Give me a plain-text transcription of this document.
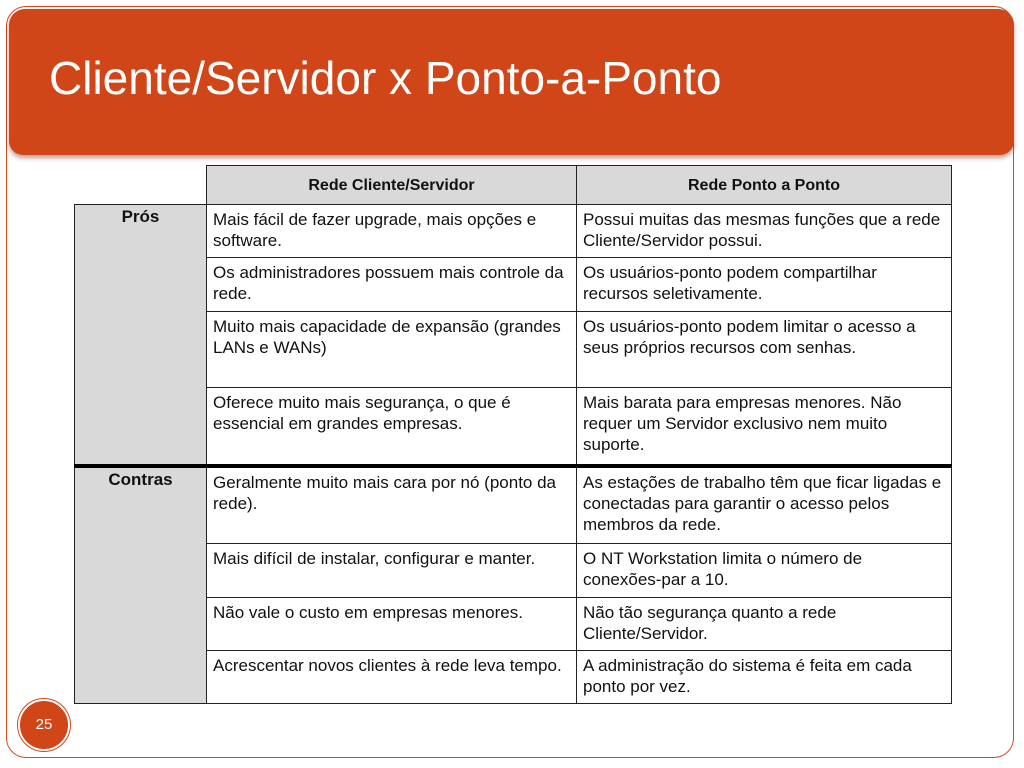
Cliente/Servidor x Ponto-a-Ponto
	Rede Cliente/Servidor	Rede Ponto a Ponto
Prós	Mais fácil de fazer upgrade, mais opções e software.	Possui muitas das mesmas funções que a rede Cliente/Servidor possui.
	Os administradores possuem mais controle da rede.	Os usuários-ponto podem compartilhar recursos seletivamente.
	Muito mais capacidade de expansão (grandes LANs e WANs)	Os usuários-ponto podem limitar o acesso a seus próprios recursos com senhas.
	Oferece muito mais segurança, o que é essencial em grandes empresas.	Mais barata para empresas menores. Não requer um Servidor exclusivo nem muito suporte.
Contras	Geralmente muito mais cara por nó (ponto da rede).	As estações de trabalho têm que ficar ligadas e conectadas para garantir o acesso pelos membros da rede.
	Mais difícil de instalar, configurar e manter.	O NT Workstation limita o número de conexões-par a 10.
	Não vale o custo em empresas menores.	Não tão segurança quanto a rede Cliente/Servidor.
	Acrescentar novos clientes à rede leva tempo.	A administração do sistema é feita em cada ponto por vez.
25
